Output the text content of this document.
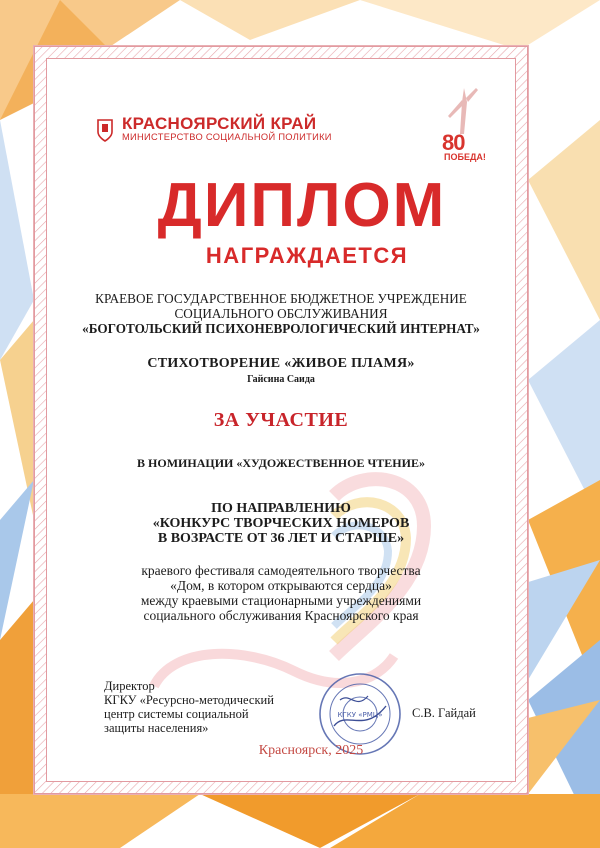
КРАСНОЯРСКИЙ КРАЙ
МИНИСТЕРСТВО СОЦИАЛЬНОЙ ПОЛИТИКИ	80
ПОБЕДА!
ДИПЛОМ
НАГРАЖДАЕТСЯ
КРАЕВОЕ ГОСУДАРСТВЕННОЕ БЮДЖЕТНОЕ УЧРЕЖДЕНИЕ
СОЦИАЛЬНОГО ОБСЛУЖИВАНИЯ
«БОГОТОЛЬСКИЙ ПСИХОНЕВРОЛОГИЧЕСКИЙ ИНТЕРНАТ»
СТИХОТВОРЕНИЕ «ЖИВОЕ ПЛАМЯ»
Гайсина Саида
ЗА УЧАСТИЕ
В НОМИНАЦИИ «ХУДОЖЕСТВЕННОЕ ЧТЕНИЕ»
ПО НАПРАВЛЕНИЮ
«КОНКУРС ТВОРЧЕСКИХ НОМЕРОВ
В ВОЗРАСТЕ ОТ 36 ЛЕТ И СТАРШЕ»
краевого фестиваля самодеятельного творчества
«Дом, в котором открываются сердца»
между краевыми стационарными учреждениями
социального обслуживания Красноярского края
Директор
КГКУ «Ресурсно-методический
центр системы социальной
защиты населения»
КГКУ «РМЦ» С.В. Гайдай
Красноярск, 2025
